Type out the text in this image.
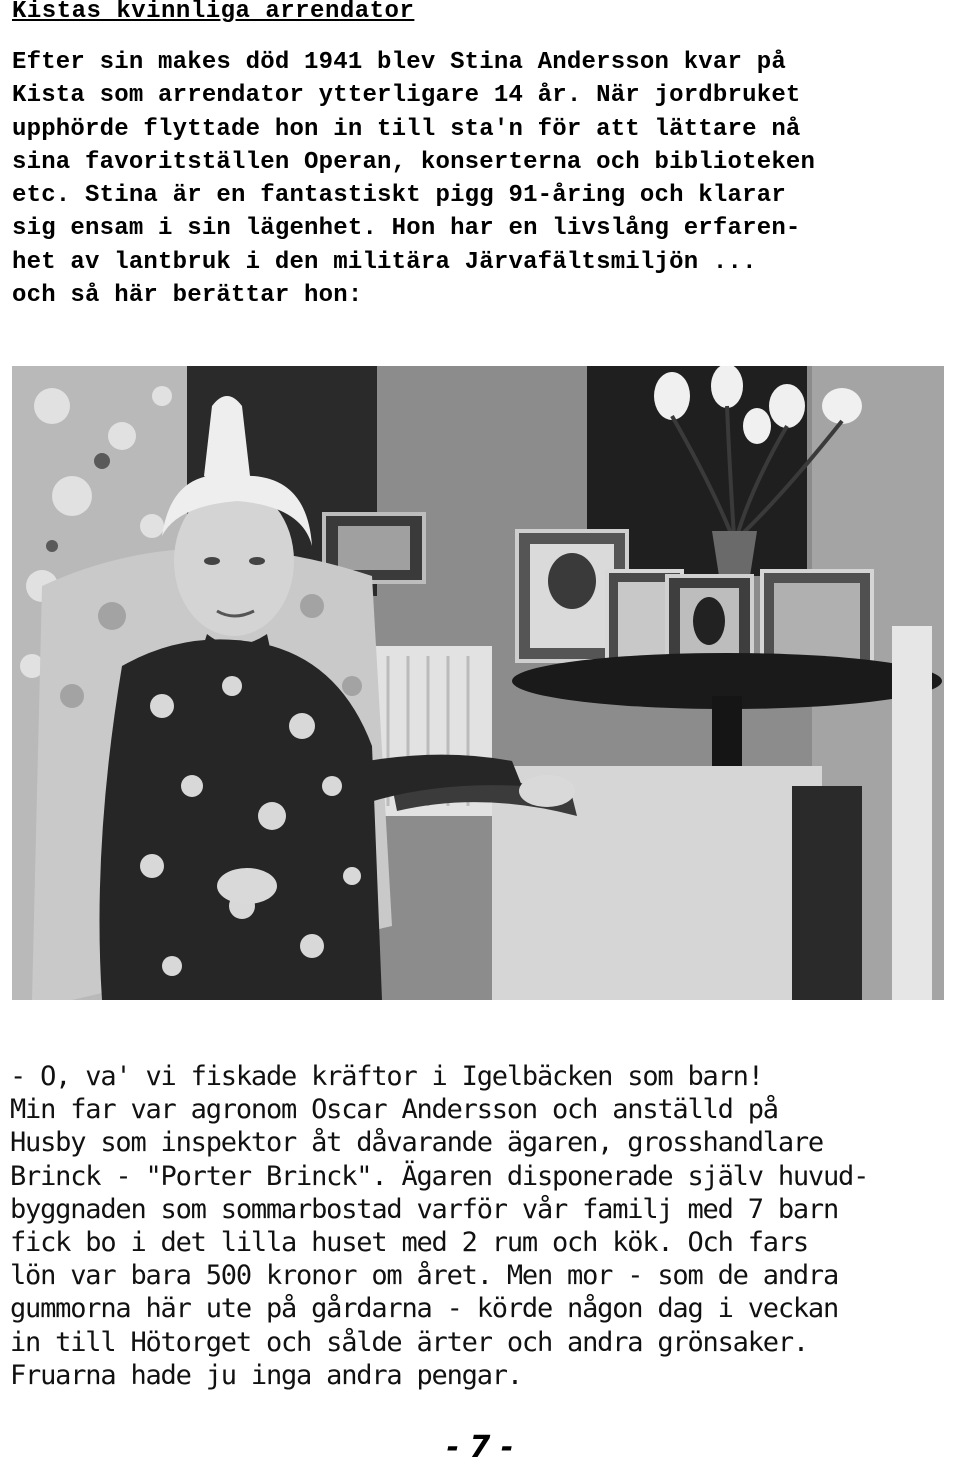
Kistas kvinnliga arrendator
Efter sin makes död 1941 blev Stina Andersson kvar på
Kista som arrendator ytterligare 14 år. När jordbruket
upphörde flyttade hon in till sta'n för att lättare nå
sina favoritställen Operan, konserterna och biblioteken
etc. Stina är en fantastiskt pigg 91-åring och klarar
sig ensam i sin lägenhet. Hon har en livslång erfaren-
het av lantbruk i den militära Järvafältsmiljön ...
och så här berättar hon:
- O, va' vi fiskade kräftor i Igelbäcken som barn!
Min far var agronom Oscar Andersson och anställd på
Husby som inspektor åt dåvarande ägaren, grosshandlare
Brinck - "Porter Brinck". Ägaren disponerade själv huvud-
byggnaden som sommarbostad varför vår familj med 7 barn
fick bo i det lilla huset med 2 rum och kök. Och fars
lön var bara 500 kronor om året. Men mor - som de andra
gummorna här ute på gårdarna - körde någon dag i veckan
in till Hötorget och sålde ärter och andra grönsaker.
Fruarna hade ju inga andra pengar.
- 7 -
